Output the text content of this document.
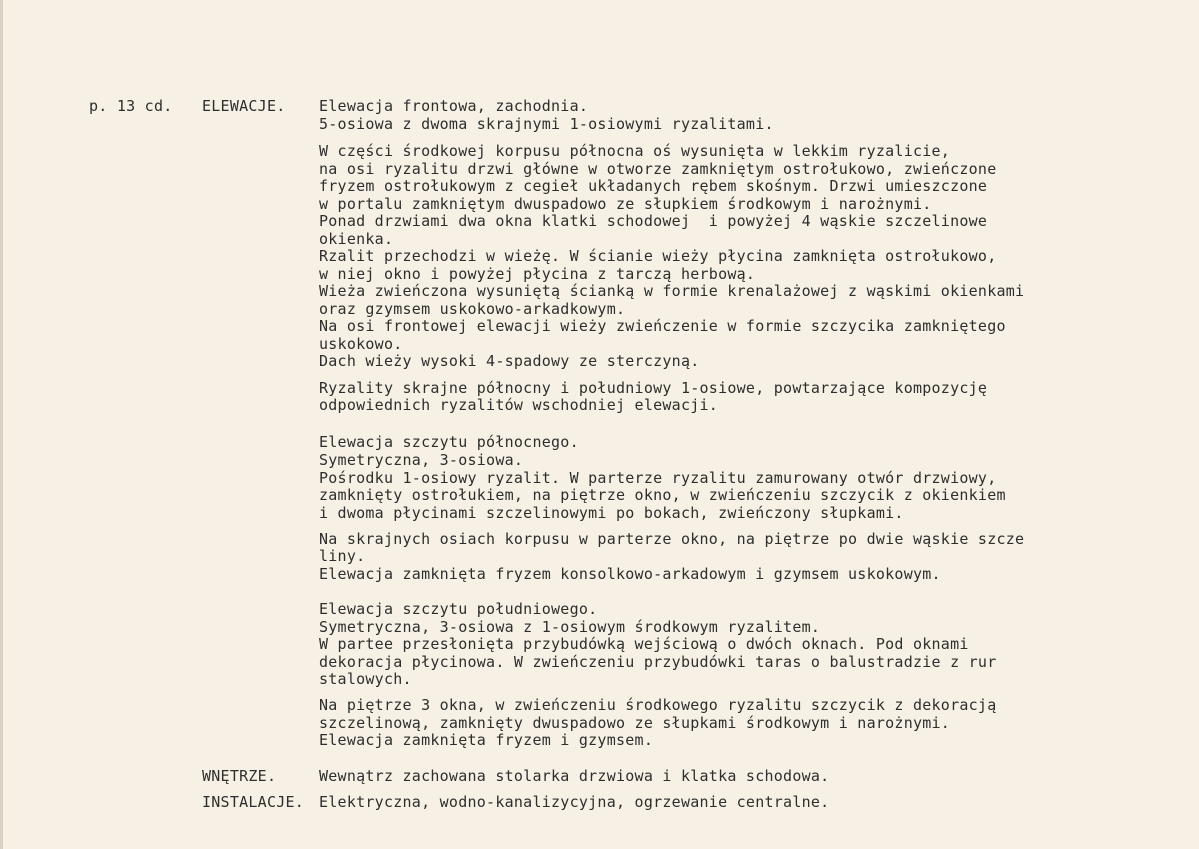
p. 13 cd. ELEWACJE. Elewacja frontowa, zachodnia.
5-osiowa z dwoma skrajnymi 1-osiowymi ryzalitami.
W części środkowej korpusu północna oś wysunięta w lekkim ryzalicie,
na osi ryzalitu drzwi główne w otworze zamkniętym ostrołukowo, zwieńczone
fryzem ostrołukowym z cegieł układanych rębem skośnym. Drzwi umieszczone
w portalu zamkniętym dwuspadowo ze słupkiem środkowym i narożnymi.
Ponad drzwiami dwa okna klatki schodowej  i powyżej 4 wąskie szczelinowe
okienka.
Rzalit przechodzi w wieżę. W ścianie wieży płycina zamknięta ostrołukowo,
w niej okno i powyżej płycina z tarczą herbową.
Wieża zwieńczona wysuniętą ścianką w formie krenalażowej z wąskimi okienkami
oraz gzymsem uskokowo-arkadkowym.
Na osi frontowej elewacji wieży zwieńczenie w formie szczycika zamkniętego
uskokowo.
Dach wieży wysoki 4-spadowy ze sterczyną.
Ryzality skrajne północny i południowy 1-osiowe, powtarzające kompozycję
odpowiednich ryzalitów wschodniej elewacji.
Elewacja szczytu północnego.
Symetryczna, 3-osiowa.
Pośrodku 1-osiowy ryzalit. W parterze ryzalitu zamurowany otwór drzwiowy,
zamknięty ostrołukiem, na piętrze okno, w zwieńczeniu szczycik z okienkiem
i dwoma płycinami szczelinowymi po bokach, zwieńczony słupkami.
Na skrajnych osiach korpusu w parterze okno, na piętrze po dwie wąskie szcze
liny.
Elewacja zamknięta fryzem konsolkowo-arkadowym i gzymsem uskokowym.
Elewacja szczytu południowego.
Symetryczna, 3-osiowa z 1-osiowym środkowym ryzalitem.
W partee przesłonięta przybudówką wejściową o dwóch oknach. Pod oknami
dekoracja płycinowa. W zwieńczeniu przybudówki taras o balustradzie z rur
stalowych.
Na piętrze 3 okna, w zwieńczeniu środkowego ryzalitu szczycik z dekoracją
szczelinową, zamknięty dwuspadowo ze słupkami środkowym i narożnymi.
Elewacja zamknięta fryzem i gzymsem.
WNĘTRZE.	Wewnątrz zachowana stolarka drzwiowa i klatka schodowa.
INSTALACJE. Elektryczna, wodno-kanalizycyjna, ogrzewanie centralne.
